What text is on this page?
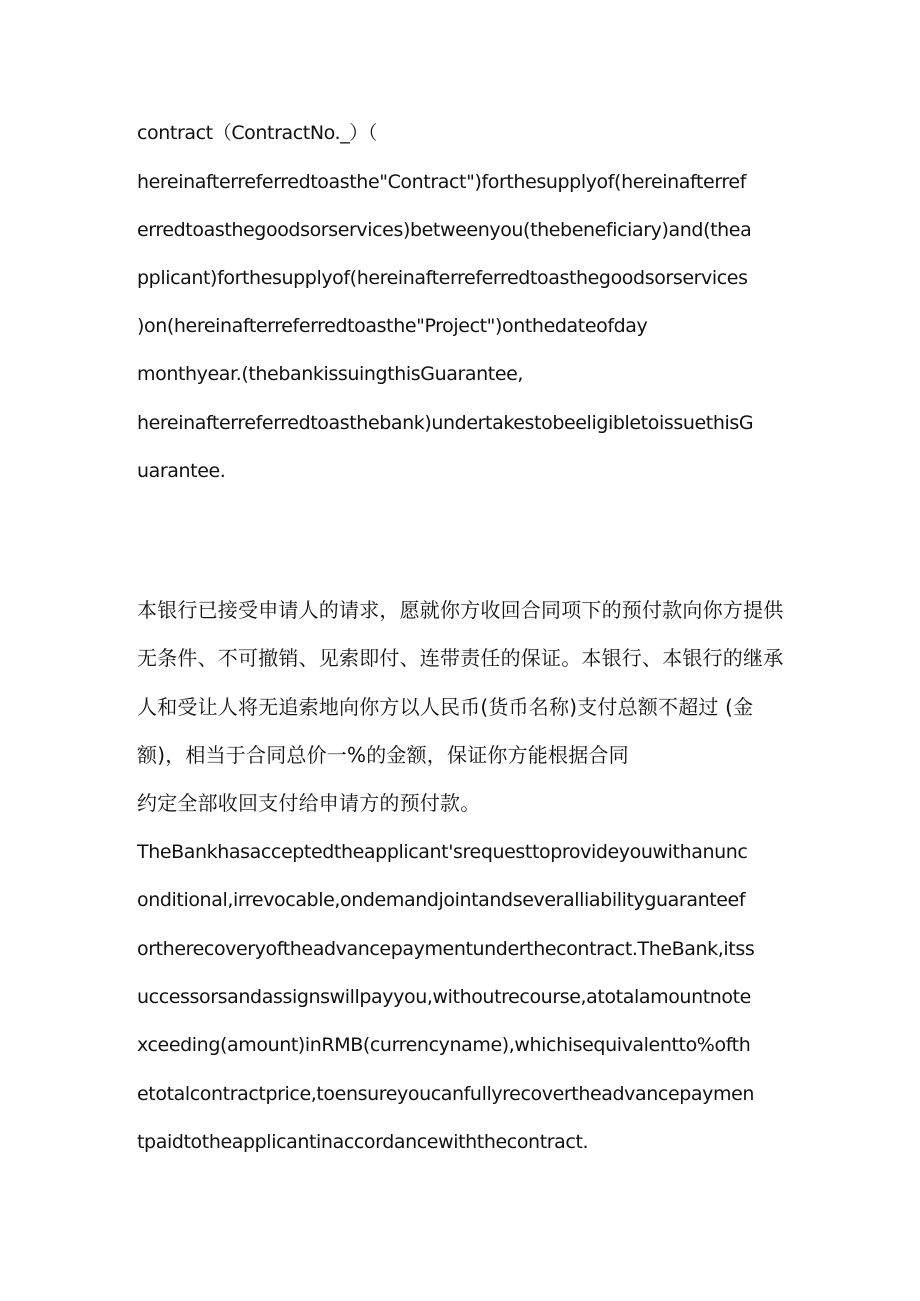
contract（ContractNo._）（
hereinafterreferredtoasthe"Contract")forthesupplyof(hereinafterref
erredtoasthegoodsorservices)betweenyou(thebeneficiary)and(thea
pplicant)forthesupplyof(hereinafterreferredtoasthegoodsorservices
)on(hereinafterreferredtoasthe"Project")onthedateofday
monthyear.(thebankissuingthisGuarantee,
hereinafterreferredtoasthebank)undertakestobeeligibletoissuethisG
uarantee.
本银行已接受申请人的请求，愿就你方收回合同项下的预付款向你方提供
无条件、不可撤销、见索即付、连带责任的保证。本银行、本银行的继承
人和受让人将无追索地向你方以人民币(货币名称)支付总额不超过 (金
额)，相当于合同总价一%的金额，保证你方能根据合同
约定全部收回支付给申请方的预付款。
TheBankhasacceptedtheapplicant'srequesttoprovideyouwithanunc
onditional,irrevocable,ondemandjointandseveralliabilityguaranteef
ortherecoveryoftheadvancepaymentunderthecontract.TheBank,itss
uccessorsandassignswillpayyou,withoutrecourse,atotalamountnote
xceeding(amount)inRMB(currencyname),whichisequivalentto%ofth
etotalcontractprice,toensureyoucanfullyrecovertheadvancepaymen
tpaidtotheapplicantinaccordancewiththecontract.
